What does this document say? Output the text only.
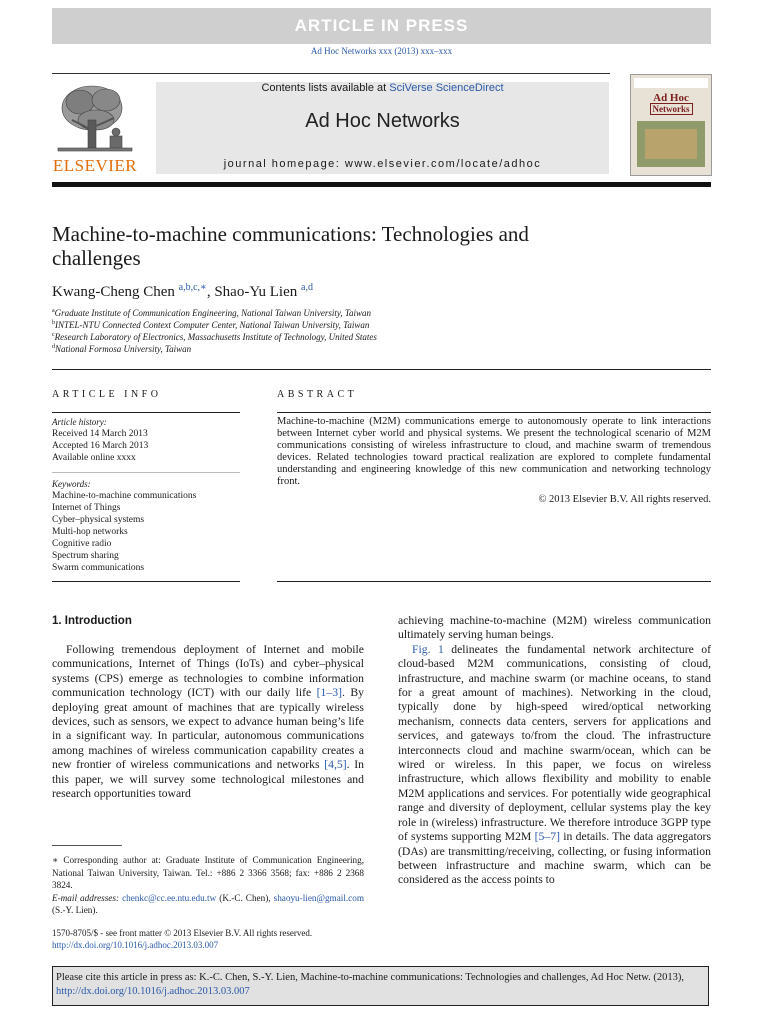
ARTICLE IN PRESS
Ad Hoc Networks xxx (2013) xxx–xxx
ELSEVIER
Contents lists available at SciVerse ScienceDirect
Ad Hoc Networks
journal homepage: www.elsevier.com/locate/adhoc
Ad Hoc
Networks
Machine-to-machine communications: Technologies and challenges
Kwang-Cheng Chen $^{a,b,c,∗}$, Shao-Yu Lien $^{a,d}$
$^a$Graduate Institute of Communication Engineering, National Taiwan University, Taiwan
$^b$INTEL-NTU Connected Context Computer Center, National Taiwan University, Taiwan
$^c$Research Laboratory of Electronics, Massachusetts Institute of Technology, United States
$^d$National Formosa University, Taiwan
ARTICLE INFO
Article history:
Received 14 March 2013
Accepted 16 March 2013
Available online xxxx
Keywords:
Machine-to-machine communications
Internet of Things
Cyber–physical systems
Multi-hop networks
Cognitive radio
Spectrum sharing
Swarm communications
ABSTRACT
Machine-to-machine (M2M) communications emerge to autonomously operate to link interactions between Internet cyber world and physical systems. We present the technological scenario of M2M communications consisting of wireless infrastructure to cloud, and machine swarm of tremendous devices. Related technologies toward practical realization are explored to complete fundamental understanding and engineering knowledge of this new communication and networking technology front.
© 2013 Elsevier B.V. All rights reserved.
1. Introduction

Following tremendous deployment of Internet and mobile communications, Internet of Things (IoTs) and cyber–physical systems (CPS) emerge as technologies to combine information communication technology (ICT) with our daily life [1–3]. By deploying great amount of machines that are typically wireless devices, such as sensors, we expect to advance human being’s life in a significant way. In particular, autonomous communications among machines of wireless communication capability creates a new frontier of wireless communications and networks [4,5]. In this paper, we will survey some technological milestones and research opportunities toward

achieving machine-to-machine (M2M) wireless communication ultimately serving human beings.

Fig. 1 delineates the fundamental network architecture of cloud-based M2M communications, consisting of cloud, infrastructure, and machine swarm (or machine oceans, to stand for a great amount of machines). Networking in the cloud, typically done by high-speed wired/optical networking mechanism, connects data centers, servers for applications and services, and gateways to/from the cloud. The infrastructure interconnects cloud and machine swarm/ocean, which can be wired or wireless. In this paper, we focus on wireless infrastructure, which allows flexibility and mobility to enable M2M applications and services. For potentially wide geographical range and diversity of deployment, cellular systems play the key role in (wireless) infrastructure. We therefore introduce 3GPP type of systems supporting M2M [5–7] in details. The data aggregators (DAs) are transmitting/receiving, collecting, or fusing information between infrastructure and machine swarm, which can be considered as the access points to

∗ Corresponding author at: Graduate Institute of Communication Engineering, National Taiwan University, Taiwan. Tel.: +886 2 3366 3568; fax: +886 2 2368 3824.
E-mail addresses: chenkc@cc.ee.ntu.edu.tw (K.-C. Chen), shaoyu-lien@gmail.com (S.-Y. Lien).
1570-8705/$ - see front matter © 2013 Elsevier B.V. All rights reserved.
http://dx.doi.org/10.1016/j.adhoc.2013.03.007
Please cite this article in press as: K.-C. Chen, S.-Y. Lien, Machine-to-machine communications: Technologies and challenges, Ad Hoc Netw. (2013), http://dx.doi.org/10.1016/j.adhoc.2013.03.007
